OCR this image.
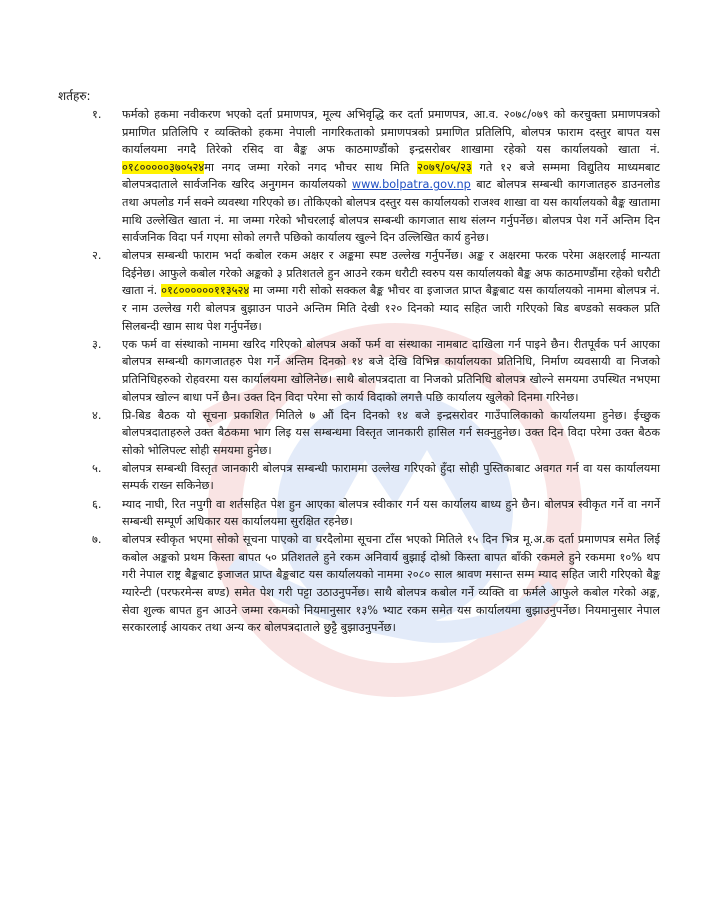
शर्तहरु:
१. फर्मको हकमा नवीकरण भएको दर्ता प्रमाणपत्र, मूल्य अभिवृद्धि कर दर्ता प्रमाणपत्र, आ.व. २०७८/०७९ को करचुक्ता प्रमाणपत्रको प्रमाणित प्रतिलिपि र व्यक्तिको हकमा नेपाली नागरिकताको प्रमाणपत्रको प्रमाणित प्रतिलिपि, बोलपत्र फाराम दस्तुर बापत यस कार्यालयमा नगदै तिरेको रसिद वा बैङ्क अफ काठमाण्डौंको इन्द्रसरोबर शाखामा रहेको यस कार्यालयको खाता नं. ०१८०००००३७०५२४मा नगद जम्मा गरेको नगद भौचर साथ मिति २०७९/०५/२३ गते १२ बजे सम्ममा विद्युतिय माध्यमबाट बोलपत्रदाताले सार्वजनिक खरिद अनुगमन कार्यालयको www.bolpatra.gov.np बाट बोलपत्र सम्बन्धी कागजातहरु डाउनलोड तथा अपलोड गर्न सक्ने व्यवस्था गरिएको छ। तोकिएको बोलपत्र दस्तुर यस कार्यालयको राजश्व शाखा वा यस कार्यालयको बैङ्क खातामा माथि उल्लेखित खाता नं. मा जम्मा गरेको भौचरलाई बोलपत्र सम्बन्धी कागजात साथ संलग्न गर्नुपर्नेछ। बोलपत्र पेश गर्ने अन्तिम दिन सार्वजनिक विदा पर्न गएमा सोको लगत्तै पछिको कार्यालय खुल्ने दिन उल्लिखित कार्य हुनेछ।
२. बोलपत्र सम्बन्धी फाराम भर्दा कबोल रकम अक्षर र अङ्कमा स्पष्ट उल्लेख गर्नुपर्नेछ। अङ्क र अक्षरमा फरक परेमा अक्षरलाई मान्यता दिईनेछ। आफुले कबोल गरेको अङ्कको ३ प्रतिशतले हुन आउने रकम धरौटी स्वरुप यस कार्यालयको बैङ्क अफ काठमाण्डौंमा रहेको धरौटी खाता नं. ०१८००००००११३५२४ मा जम्मा गरी सोको सक्कल बैङ्क भौचर वा इजाजत प्राप्त बैङ्कबाट यस कार्यालयको नाममा बोलपत्र नं. र नाम उल्लेख गरी बोलपत्र बुझाउन पाउने अन्तिम मिति देखी १२० दिनको म्याद सहित जारी गरिएको बिड बण्डको सक्कल प्रति सिलबन्दी खाम साथ पेश गर्नुपर्नेछ।
३. एक फर्म वा संस्थाको नाममा खरिद गरिएको बोलपत्र अर्को फर्म वा संस्थाका नामबाट दाखिला गर्न पाइने छैन। रीतपूर्वक पर्न आएका बोलपत्र सम्बन्धी कागजातहरु पेश गर्ने अन्तिम दिनको १४ बजे देखि विभिन्न कार्यालयका प्रतिनिधि, निर्माण व्यवसायी वा निजको प्रतिनिधिहरुको रोहवरमा यस कार्यालयमा खोलिनेछ। साथै बोलपत्रदाता वा निजको प्रतिनिधि बोलपत्र खोल्ने समयमा उपस्थित नभएमा बोलपत्र खोल्न बाधा पर्ने छैन। उक्त दिन विदा परेमा सो कार्य विदाको लगत्तै पछि कार्यालय खुलेको दिनमा गरिनेछ।
४. प्रि-बिड बैठक यो सूचना प्रकाशित मितिले ७ औं दिन दिनको १४ बजे इन्द्रसरोवर गाउँपालिकाको कार्यालयमा हुनेछ। ईच्छुक बोलपत्रदाताहरुले उक्त बैठकमा भाग लिइ यस सम्बन्धमा विस्तृत जानकारी हासिल गर्न सक्नुहुनेछ। उक्त दिन विदा परेमा उक्त बैठक सोको भोलिपल्ट सोही समयमा हुनेछ।
५. बोलपत्र सम्बन्धी विस्तृत जानकारी बोलपत्र सम्बन्धी फाराममा उल्लेख गरिएको हुँदा सोही पुस्तिकाबाट अवगत गर्न वा यस कार्यालयमा सम्पर्क राख्न सकिनेछ।
६. म्याद नाघी, रित नपुगी वा शर्तसहित पेश हुन आएका बोलपत्र स्वीकार गर्न यस कार्यालय बाध्य हुने छैन। बोलपत्र स्वीकृत गर्ने वा नगर्ने सम्बन्धी सम्पूर्ण अधिकार यस कार्यालयमा सुरक्षित रहनेछ।
७. बोलपत्र स्वीकृत भएमा सोको सूचना पाएको वा घरदैलोमा सूचना टाँस भएको मितिले १५ दिन भित्र मू.अ.क दर्ता प्रमाणपत्र समेत लिई कबोल अङ्कको प्रथम किस्ता बापत ५० प्रतिशतले हुने रकम अनिवार्य बुझाई दोश्रो किस्ता बापत बाँकी रकमले हुने रकममा १०% थप गरी नेपाल राष्ट्र बैङ्कबाट इजाजत प्राप्त बैङ्कबाट यस कार्यालयको नाममा २०८० साल श्रावण मसान्त सम्म म्याद सहित जारी गरिएको बैङ्क ग्यारेन्टी (परफरमेन्स बण्ड) समेत पेश गरी पट्टा उठाउनुपर्नेछ। साथै बोलपत्र कबोल गर्ने व्यक्ति वा फर्मले आफुले कबोल गरेको अङ्क, सेवा शुल्क बापत हुन आउने जम्मा रकमको नियमानुसार १३% भ्याट रकम समेत यस कार्यालयमा बुझाउनुपर्नेछ। नियमानुसार नेपाल सरकारलाई आयकर तथा अन्य कर बोलपत्रदाताले छुट्टै बुझाउनुपर्नेछ।
